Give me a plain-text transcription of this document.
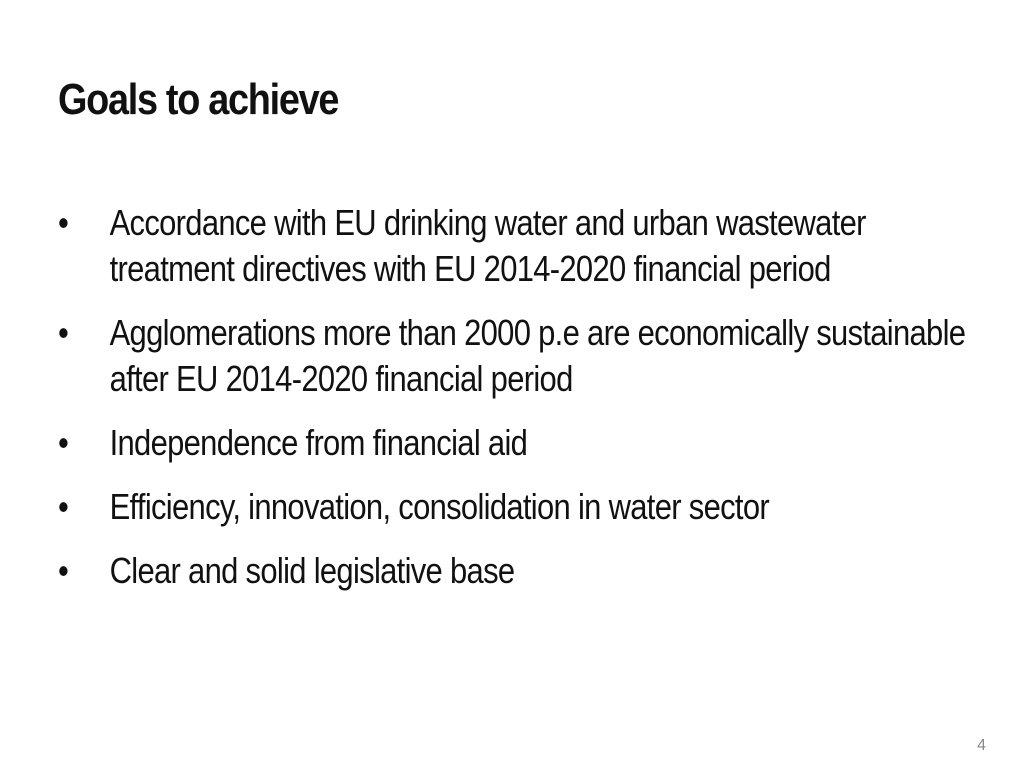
Goals to achieve
• Accordance with EU drinking water and urban wastewater treatment directives with EU 2014-2020 financial period
• Agglomerations more than 2000 p.e are economically sustainable after EU 2014-2020 financial period
• Independence from financial aid
• Efficiency, innovation, consolidation in water sector
• Clear and solid legislative base
4
